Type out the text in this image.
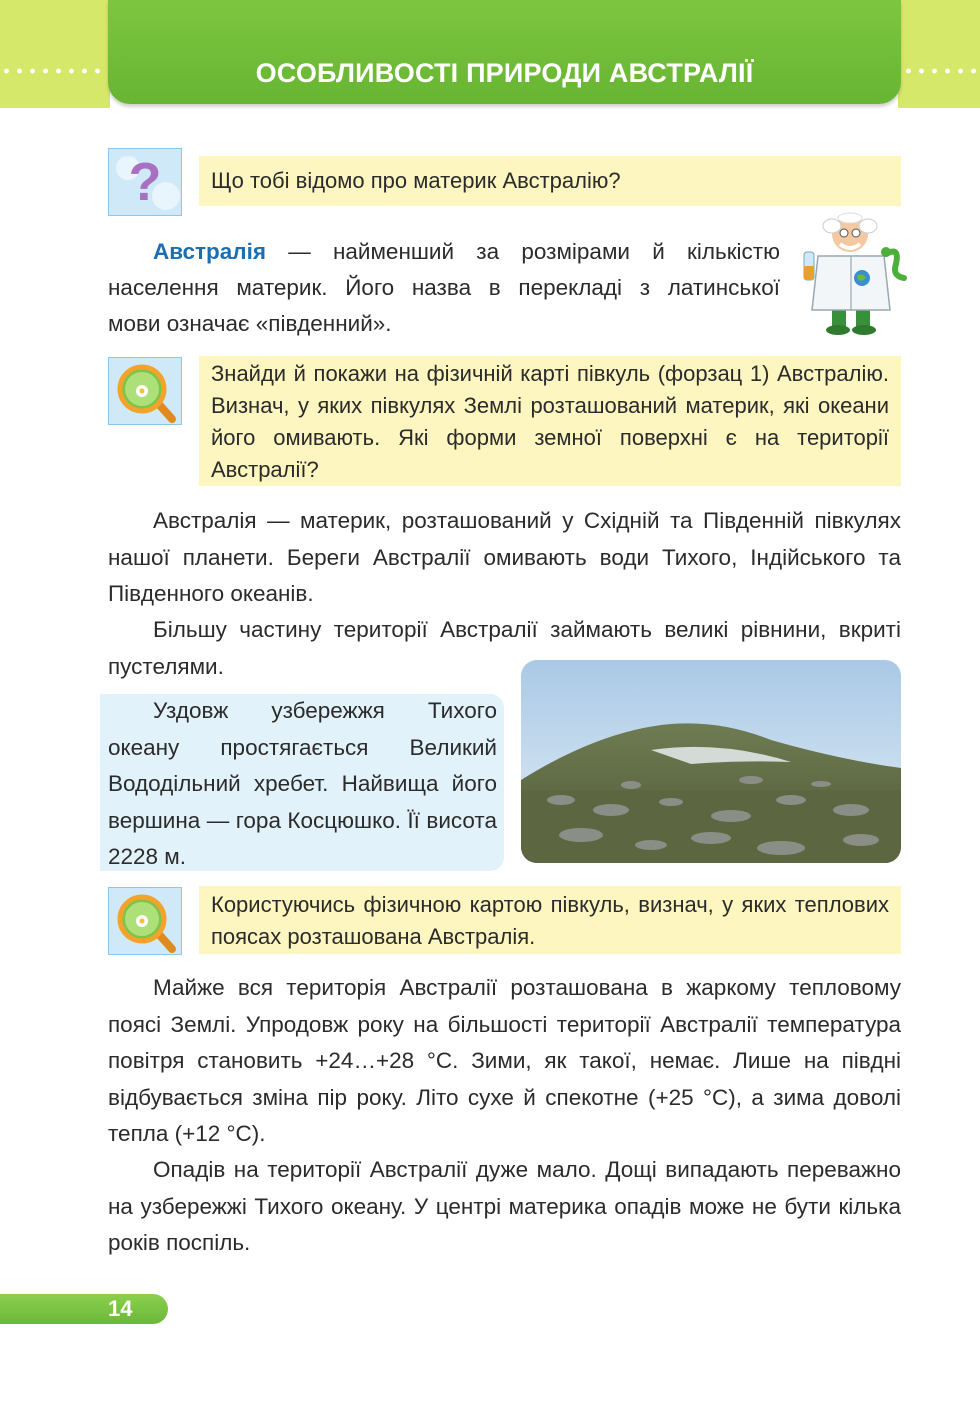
ОСОБЛИВОСТІ ПРИРОДИ АВСТРАЛІЇ
?	Що тобі відомо про материк Австралію?
Австралія — найменший за розмірами й кількістю
населення материк. Його назва в перекладі з латинської
мови означає «південний».
Знайди й покажи на фізичній карті півкуль (форзац 1) Австралію. Визнач, у яких півкулях Землі розташований материк, які океани його омивають. Які форми земної поверхні є на території Австралії?
Австралія — материк, розташований у Східній та Південній півкулях нашої планети. Береги Австралії омивають води Тихого, Індійського та Південного океанів.
Більшу частину території Австралії займають великі рівнини, вкриті пустелями.
Уздовж узбережжя Тихого океану простягається Великий Вододільний хребет. Найвища його вершина — гора Косцюшко. Її висота 2228 м.
Користуючись фізичною картою півкуль, визнач, у яких теплових поясах розташована Австралія.
Майже вся територія Австралії розташована в жаркому тепловому поясі Землі. Упродовж року на більшості території Австралії температура повітря становить +24…+28 °С. Зими, як такої, немає. Лише на півдні відбувається зміна пір року. Літо сухе й спекотне (+25 °С), а зима доволі тепла (+12 °С).
Опадів на території Австралії дуже мало. Дощі випадають переважно на узбережжі Тихого океану. У центрі материка опадів може не бути кілька років поспіль.
14
